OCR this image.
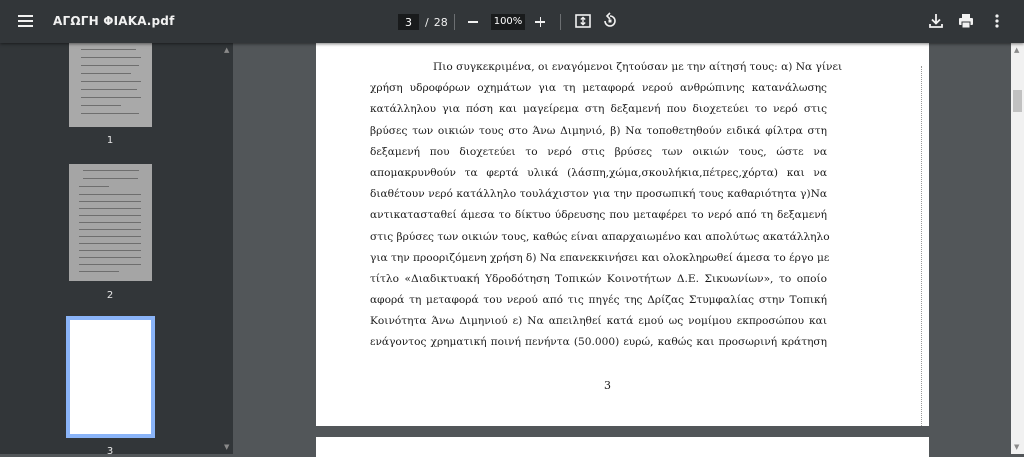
ΑΓΩΓΗ ΦΙΑΚΑ.pdf
3	/ 28	100%
▲
▼
1
2
3
Πιο συγκεκριμένα, οι εναγόμενοι ζητούσαν με την αίτησή τους: α) Να γίνει
χρήση υδροφόρων οχημάτων για τη μεταφορά νερού ανθρώπινης κατανάλωσης
κατάλληλου για πόση και μαγείρεμα στη δεξαμενή που διοχετεύει το νερό στις
βρύσες των οικιών τους στο Άνω Διμηνιό, β) Να τοποθετηθούν ειδικά φίλτρα στη
δεξαμενή που διοχετεύει το νερό στις βρύσες των οικιών τους, ώστε να
απομακρυνθούν τα φερτά υλικά (λάσπη,χώμα,σκουλήκια,πέτρες,χόρτα) και να
διαθέτουν νερό κατάλληλο τουλάχιστον για την προσωπική τους καθαριότητα γ)Να
αντικατασταθεί άμεσα το δίκτυο ύδρευσης που μεταφέρει το νερό από τη δεξαμενή
στις βρύσες των οικιών τους, καθώς είναι απαρχαιωμένο και απολύτως ακατάλληλο
για την προοριζόμενη χρήση δ) Να επανεκκινήσει και ολοκληρωθεί άμεσα το έργο με
τίτλο «Διαδικτυακή Υδροδότηση Τοπικών Κοινοτήτων Δ.Ε. Σικυωνίων», το οποίο
αφορά τη μεταφορά του νερού από τις πηγές της Δρίζας Στυμφαλίας στην Τοπική
Κοινότητα Άνω Διμηνιού ε) Να απειληθεί κατά εμού ως νομίμου εκπροσώπου και
ενάγοντος χρηματική ποινή πενήντα (50.000) ευρώ, καθώς και προσωρινή κράτηση
3
▲
▼
